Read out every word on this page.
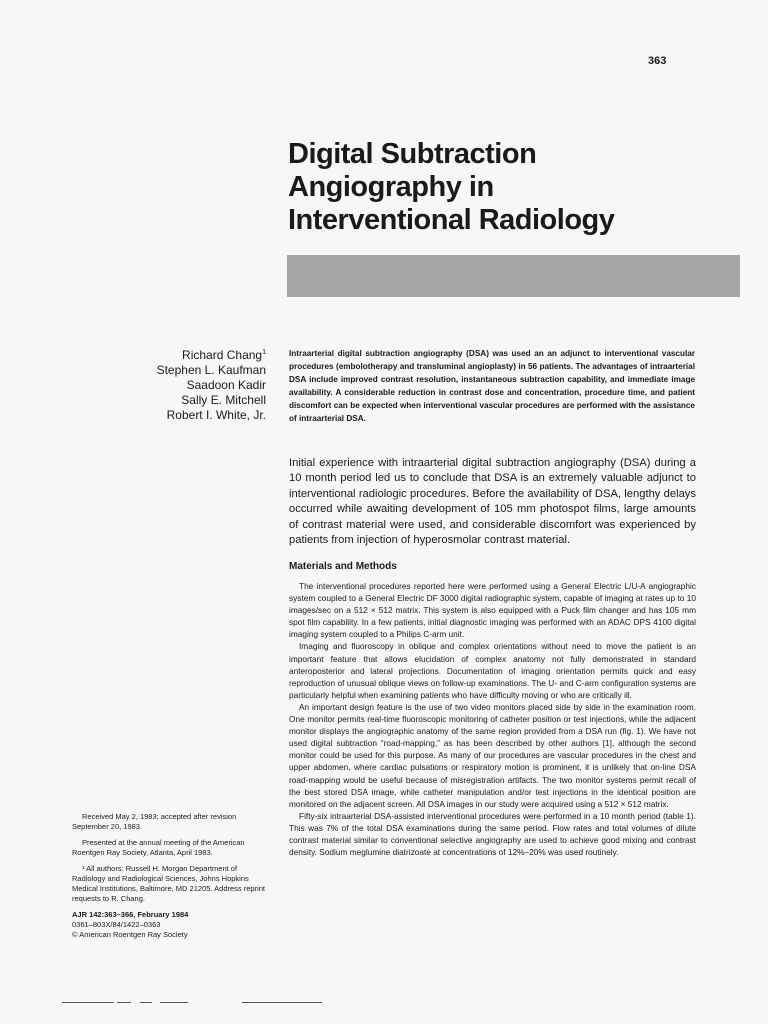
363
Digital Subtraction
Angiography in
Interventional Radiology
Richard Chang$^1$
Stephen L. Kaufman
Saadoon Kadir
Sally E. Mitchell
Robert I. White, Jr.

Intraarterial digital subtraction angiography (DSA) was used an an adjunct to interventional vascular procedures (embolotherapy and transluminal angioplasty) in 56 patients. The advantages of intraarterial DSA include improved contrast resolution, instantaneous subtraction capability, and immediate image availability. A considerable reduction in contrast dose and concentration, procedure time, and patient discomfort can be expected when interventional vascular procedures are performed with the assistance of intraarterial DSA.

Initial experience with intraarterial digital subtraction angiography (DSA) during a 10 month period led us to conclude that DSA is an extremely valuable adjunct to interventional radiologic procedures. Before the availability of DSA, lengthy delays occurred while awaiting development of 105 mm photospot films, large amounts of contrast material were used, and considerable discomfort was experienced by patients from injection of hyperosmolar contrast material.

Materials and Methods

The interventional procedures reported here were performed using a General Electric L/U-A angiographic system coupled to a General Electric DF 3000 digital radiographic system, capable of imaging at rates up to 10 images/sec on a 512 × 512 matrix. This system is also equipped with a Puck film changer and has 105 mm spot film capability. In a few patients, initial diagnostic imaging was performed with an ADAC DPS 4100 digital imaging system coupled to a Philips C-arm unit.

Imaging and fluoroscopy in oblique and complex orientations without need to move the patient is an important feature that allows elucidation of complex anatomy not fully demonstrated in standard anteroposterior and lateral projections. Documentation of imaging orientation permits quick and easy reproduction of unusual oblique views on follow-up examinations. The U- and C-arm configuration systems are particularly helpful when examining patients who have difficulty moving or who are critically ill.

An important design feature is the use of two video monitors placed side by side in the examination room. One monitor permits real-time fluoroscopic monitoring of catheter position or test injections, while the adjacent monitor displays the angiographic anatomy of the same region provided from a DSA run (fig. 1). We have not used digital subtraction “road-mapping,” as has been described by other authors [1], although the second monitor could be used for this purpose. As many of our procedures are vascular procedures in the chest and upper abdomen, where cardiac pulsations or respiratory motion is prominent, it is unlikely that on-line DSA road-mapping would be useful because of misregistration artifacts. The two monitor systems permit recall of the best stored DSA image, while catheter manipulation and/or test injections in the identical position are monitored on the adjacent screen. All DSA images in our study were acquired using a 512 × 512 matrix.

Fifty-six intraarterial DSA-assisted interventional procedures were performed in a 10 month period (table 1). This was 7% of the total DSA examinations during the same period. Flow rates and total volumes of dilute contrast material similar to conventional selective angiography are used to achieve good mixing and contrast density. Sodium meglumine diatrizoate at concentrations of 12%–20% was used routinely.

Received May 2, 1983; accepted after revision September 20, 1983.

Presented at the annual meeting of the American Roentgen Ray Society, Atlanta, April 1983.

¹ All authors: Russell H. Morgan Department of Radiology and Radiological Sciences, Johns Hopkins Medical Institutions, Baltimore, MD 21205. Address reprint requests to R. Chang.

AJR 142:363–366, February 1984

0361–803X/84/1422–0363

© American Roentgen Ray Society
